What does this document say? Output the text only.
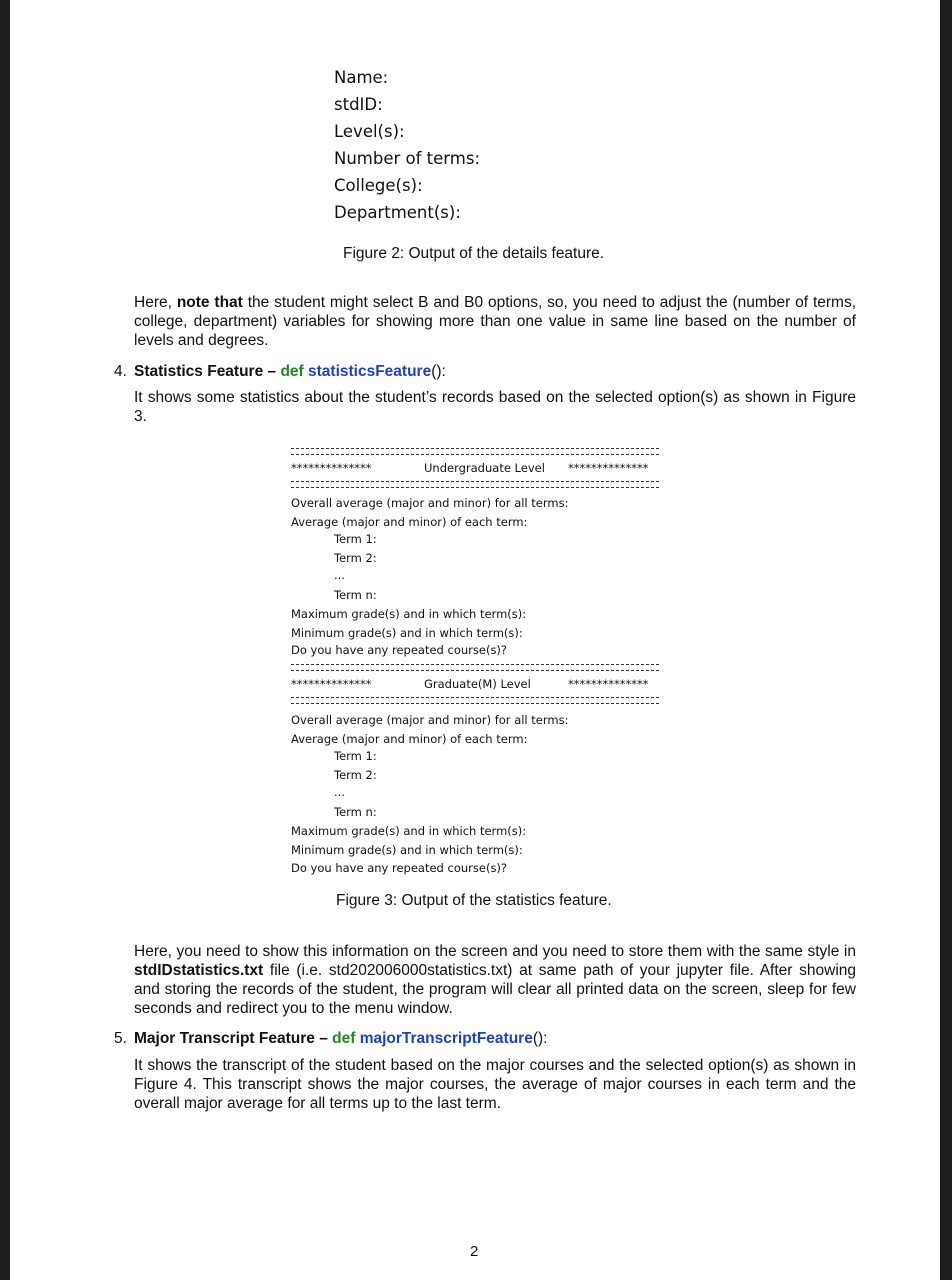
Name:
stdID:
Level(s):
Number of terms:
College(s):
Department(s):
Figure 2: Output of the details feature.
Here, note that the student might select B and B0 options, so, you need to adjust the (number of terms, college, department) variables for showing more than one value in same line based on the number of levels and degrees.
4. Statistics Feature – def statisticsFeature():
It shows some statistics about the student’s records based on the selected option(s) as shown in Figure 3.
**************	Undergraduate Level **************
Overall average (major and minor) for all terms:
Average (major and minor) of each term:
Term 1:
Term 2:
...
Term n:
Maximum grade(s) and in which term(s):
Minimum grade(s) and in which term(s):
Do you have any repeated course(s)?
**************	Graduate(M) Level	**************
Overall average (major and minor) for all terms:
Average (major and minor) of each term:
Term 1:
Term 2:
...
Term n:
Maximum grade(s) and in which term(s):
Minimum grade(s) and in which term(s):
Do you have any repeated course(s)?
Figure 3: Output of the statistics feature.
Here, you need to show this information on the screen and you need to store them with the same style in stdIDstatistics.txt file (i.e. std202006000statistics.txt) at same path of your jupyter file. After showing and storing the records of the student, the program will clear all printed data on the screen, sleep for few seconds and redirect you to the menu window.
5. Major Transcript Feature – def majorTranscriptFeature():
It shows the transcript of the student based on the major courses and the selected option(s) as shown in Figure 4. This transcript shows the major courses, the average of major courses in each term and the overall major average for all terms up to the last term.
2
